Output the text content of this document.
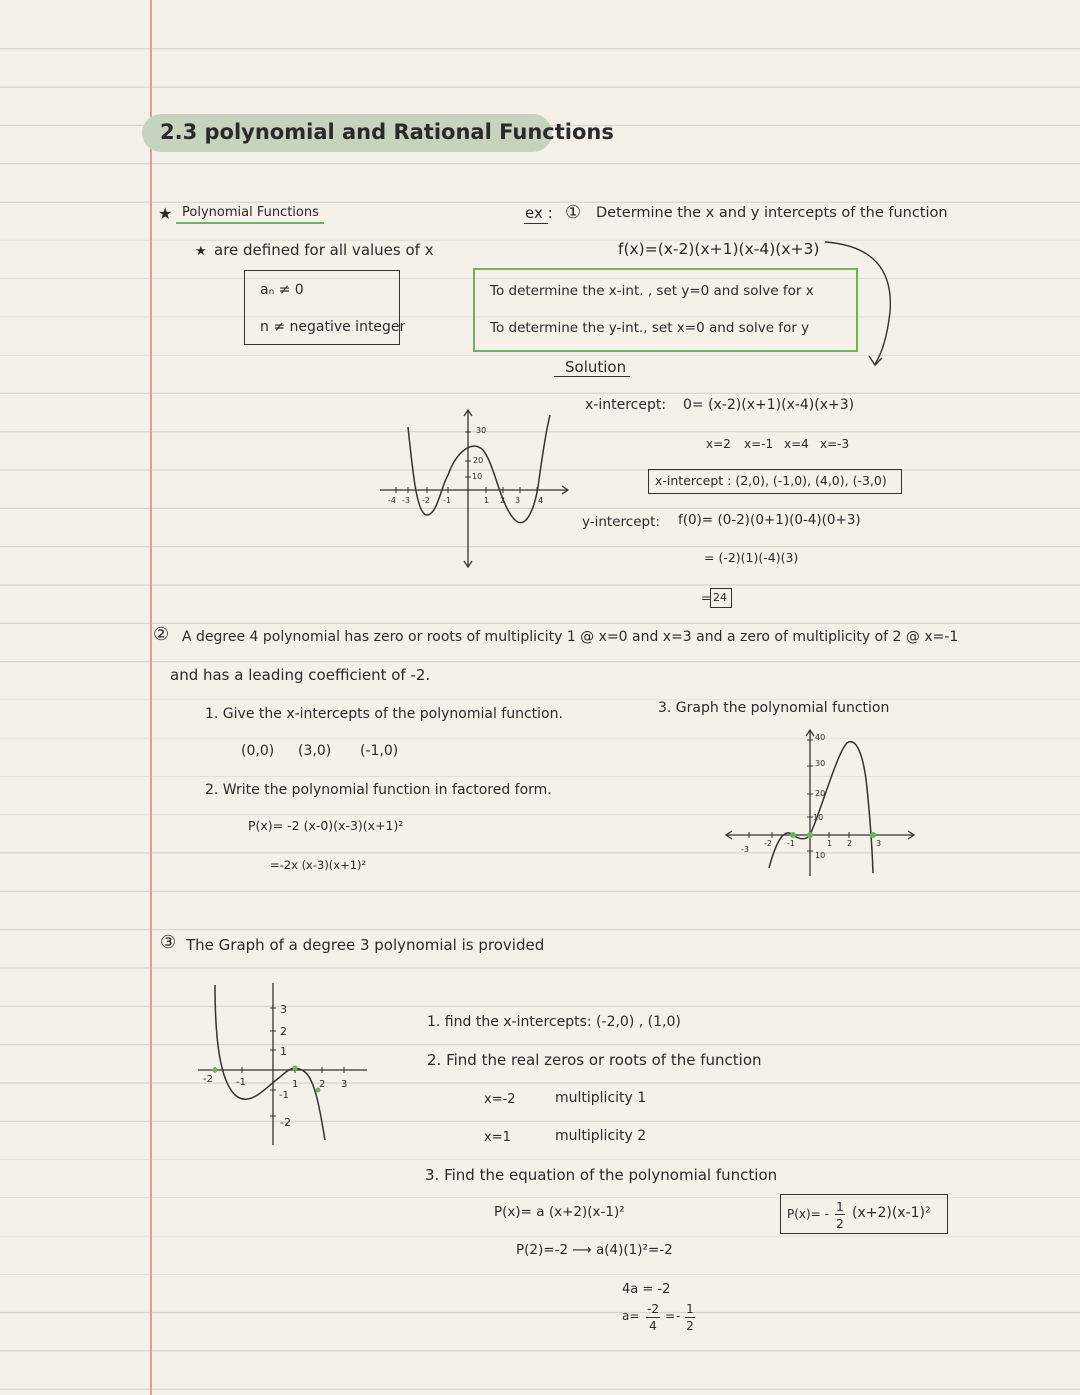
2.3 polynomial and Rational Functions
★ Polynomial Functions
★ are defined for all values of x
aₙ ≠ 0
n ≠ negative integer
ex : ① Determine the x and y intercepts of the function
f(x)=(x-2)(x+1)(x-4)(x+3)
To determine the x-int. , set y=0 and solve for x
To determine the y-int., set x=0 and solve for y
Solution
x-intercept: 0= (x-2)(x+1)(x-4)(x+3)
x=2 x=-1 x=4 x=-3
x-intercept : (2,0), (-1,0), (4,0), (-3,0)
y-intercept: f(0)= (0-2)(0+1)(0-4)(0+3)
= (-2)(1)(-4)(3)
= 24
30
20
10
-4 -3 -2 -1	1 2 3 4
② A degree 4 polynomial has zero or roots of multiplicity 1 @ x=0 and x=3 and a zero of multiplicity of 2 @ x=-1
and has a leading coefficient of -2.
1. Give the x-intercepts of the polynomial function.
(0,0) (3,0) (-1,0)
2. Write the polynomial function in factored form.
P(x)= -2 (x-0)(x-3)(x+1)²
=-2x (x-3)(x+1)²
3. Graph the polynomial function
40
30
20
10
10
-3
-2 -1	1 2	3
③ The Graph of a degree 3 polynomial is provided
3
2
1
-1
-2
-2 -1	1 2 3
1. find the x-intercepts: (-2,0) , (1,0)
2. Find the real zeros or roots of the function
x=-2	multiplicity 1
x=1	multiplicity 2
3. Find the equation of the polynomial function
P(x)= a (x+2)(x-1)²
P(2)=-2 ⟶ a(4)(1)²=-2
4a = -2
a= -2
4
= - 1
2
P(x)= - 1
2
(x+2)(x-1)²
